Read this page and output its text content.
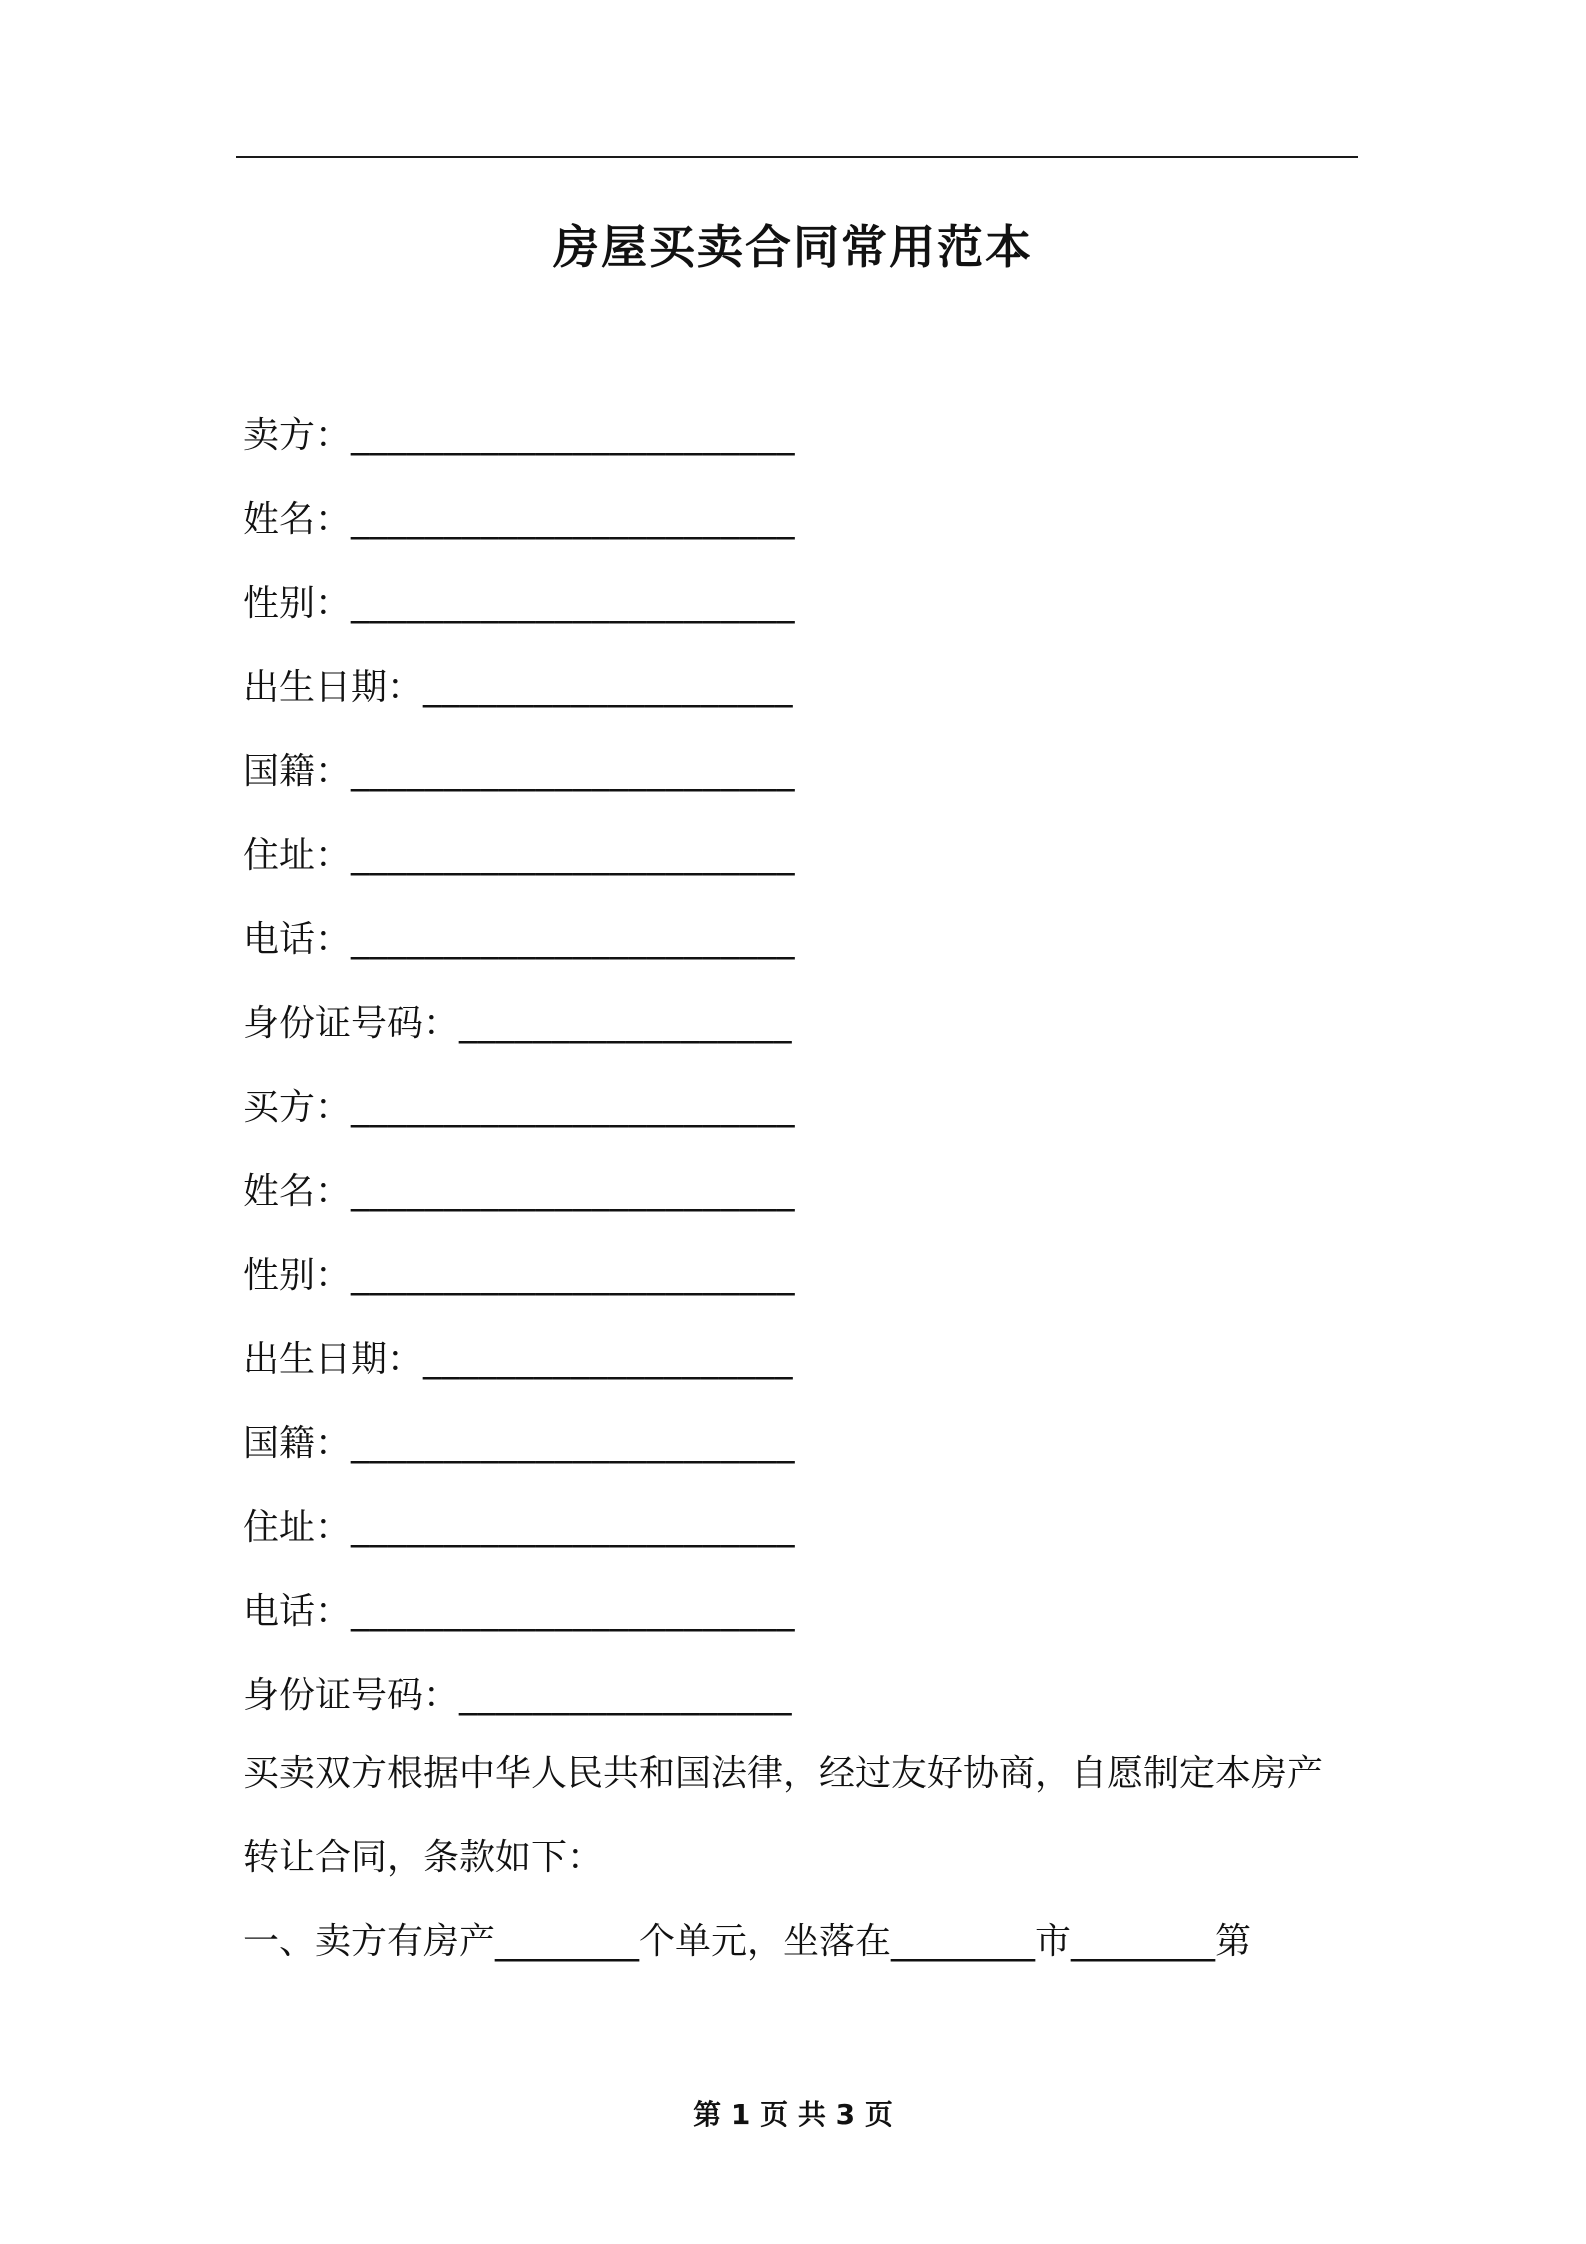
房屋买卖合同常用范本
卖方：________________________
姓名：________________________
性别：________________________
出生日期：____________________
国籍：________________________
住址：________________________
电话：________________________
身份证号码：__________________
买方：________________________
姓名：________________________
性别：________________________
出生日期：____________________
国籍：________________________
住址：________________________
电话：________________________
身份证号码：__________________
买卖双方根据中华人民共和国法律，经过友好协商，自愿制定本房产
转让合同，条款如下：
一、卖方有房产________个单元，坐落在________市________第
第 1 页 共 3 页
